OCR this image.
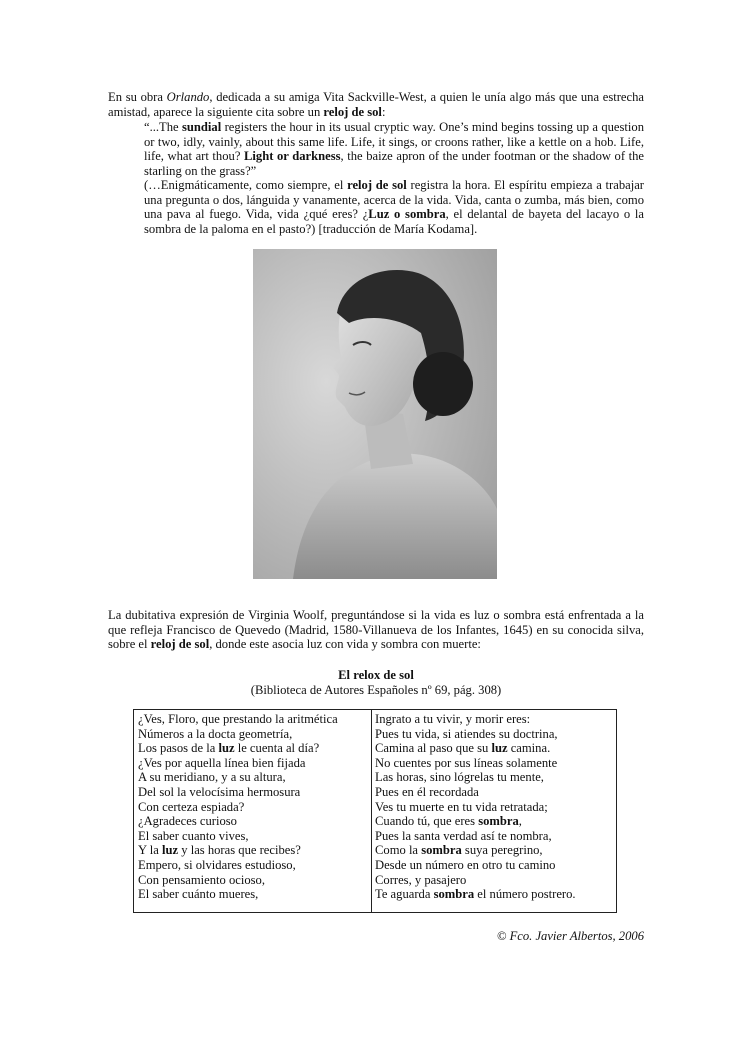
En su obra Orlando, dedicada a su amiga Vita Sackville-West, a quien le unía algo más que una estrecha amistad, aparece la siguiente cita sobre un reloj de sol:

“...The sundial registers the hour in its usual cryptic way. One’s mind begins tossing up a question or two, idly, vainly, about this same life. Life, it sings, or croons rather, like a kettle on a hob. Life, life, what art thou? Light or darkness, the baize apron of the under footman or the shadow of the starling on the grass?”

(…Enigmáticamente, como siempre, el reloj de sol registra la hora. El espíritu empieza a trabajar una pregunta o dos, lánguida y vanamente, acerca de la vida. Vida, canta o zumba, más bien, como una pava al fuego. Vida, vida ¿qué eres? ¿Luz o sombra, el delantal de bayeta del lacayo o la sombra de la paloma en el pasto?) [traducción de María Kodama].

La dubitativa expresión de Virginia Woolf, preguntándose si la vida es luz o sombra está enfrentada a la que refleja Francisco de Quevedo (Madrid, 1580-Villanueva de los Infantes, 1645) en su conocida silva, sobre el reloj de sol, donde este asocia luz con vida y sombra con muerte:

El relox de sol

(Biblioteca de Autores Españoles nº 69, pág. 308)

¿Ves, Floro, que prestando la aritmética
Números a la docta geometría,
Los pasos de la luz le cuenta al día?
¿Ves por aquella línea bien fijada
A su meridiano, y a su altura,
Del sol la velocísima hermosura
Con certeza espiada?
¿Agradeces curioso
El saber cuanto vives,
Y la luz y las horas que recibes?
Empero, si olvidares estudioso,
Con pensamiento ocioso,
El saber cuánto mueres,
Ingrato a tu vivir, y morir eres:
Pues tu vida, si atiendes su doctrina,
Camina al paso que su luz camina.
No cuentes por sus líneas solamente
Las horas, sino lógrelas tu mente,
Pues en él recordada
Ves tu muerte en tu vida retratada;
Cuando tú, que eres sombra,
Pues la santa verdad así te nombra,
Como la sombra suya peregrino,
Desde un número en otro tu camino
Corres, y pasajero
Te aguarda sombra el número postrero.

© Fco. Javier Albertos, 2006
